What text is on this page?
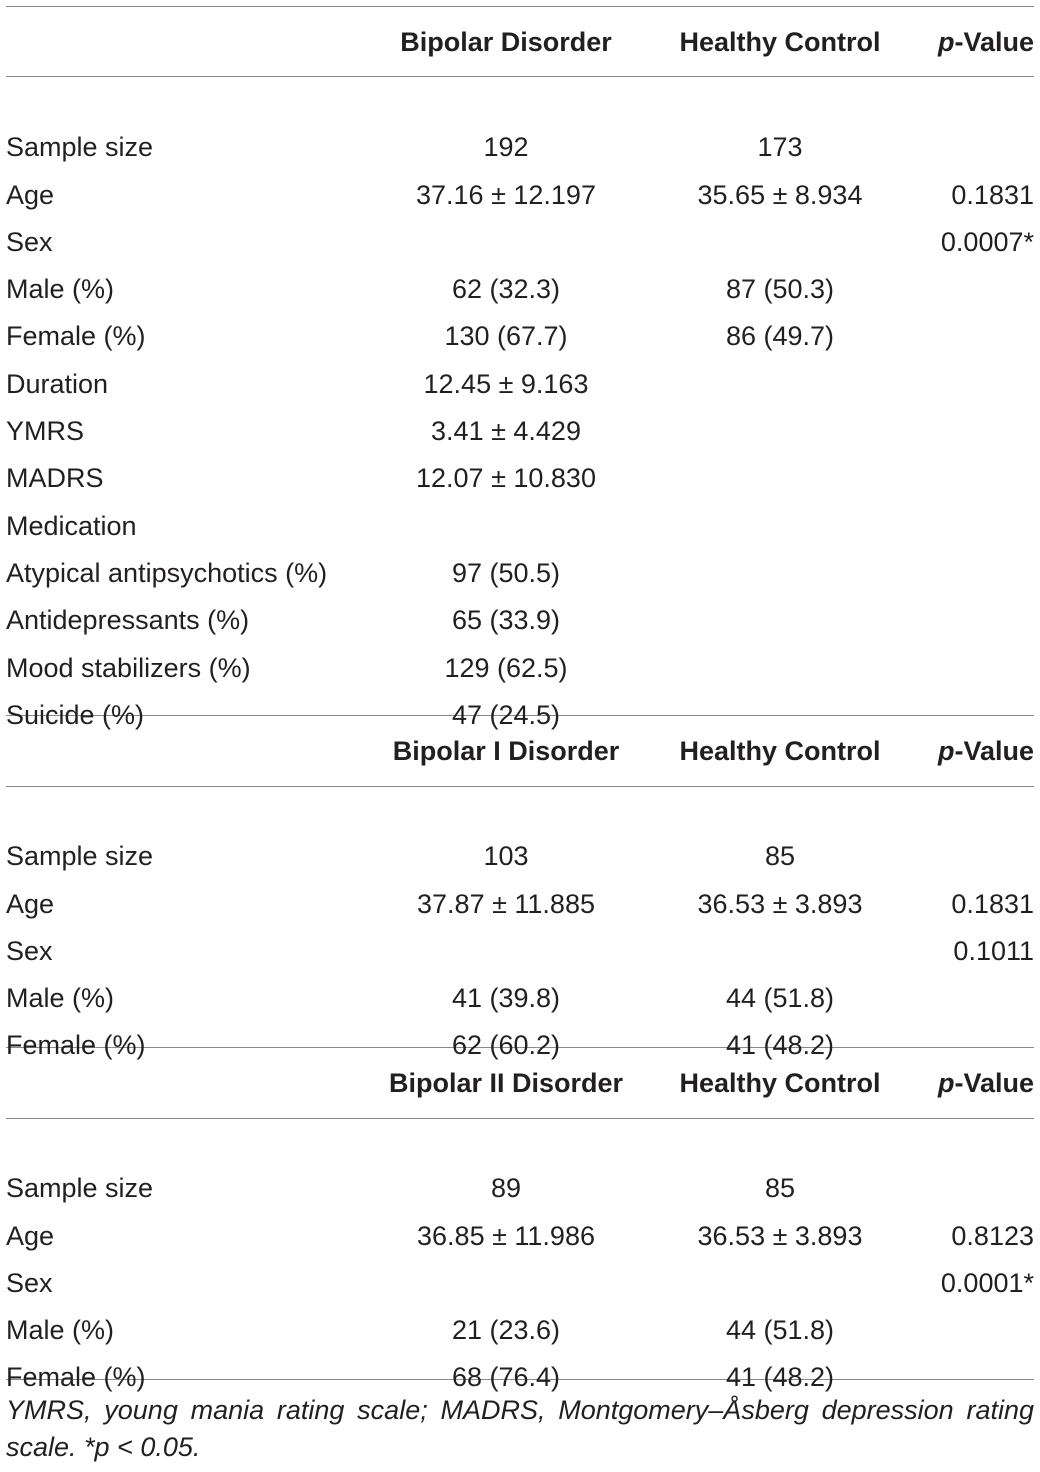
	Bipolar Disorder	Healthy Control	p-Value

Sample size	192	173	
Age	37.16 ± 12.197	35.65 ± 8.934	0.1831
Sex			0.0007*
Male (%)	62 (32.3)	87 (50.3)	
Female (%)	130 (67.7)	86 (49.7)	
Duration	12.45 ± 9.163		
YMRS	3.41 ± 4.429		
MADRS	12.07 ± 10.830		
Medication			
Atypical antipsychotics (%)	97 (50.5)		
Antidepressants (%)	65 (33.9)		
Mood stabilizers (%)	129 (62.5)		
Suicide (%)	47 (24.5)		
	Bipolar I Disorder	Healthy Control	p-Value

Sample size	103	85	
Age	37.87 ± 11.885	36.53 ± 3.893	0.1831
Sex			0.1011
Male (%)	41 (39.8)	44 (51.8)	
Female (%)	62 (60.2)	41 (48.2)	
	Bipolar II Disorder	Healthy Control	p-Value

Sample size	89	85	
Age	36.85 ± 11.986	36.53 ± 3.893	0.8123
Sex			0.0001*
Male (%)	21 (23.6)	44 (51.8)	
Female (%)	68 (76.4)	41 (48.2)	
YMRS, young mania rating scale; MADRS, Montgomery–Åsberg depression rating scale. *p < 0.05.
